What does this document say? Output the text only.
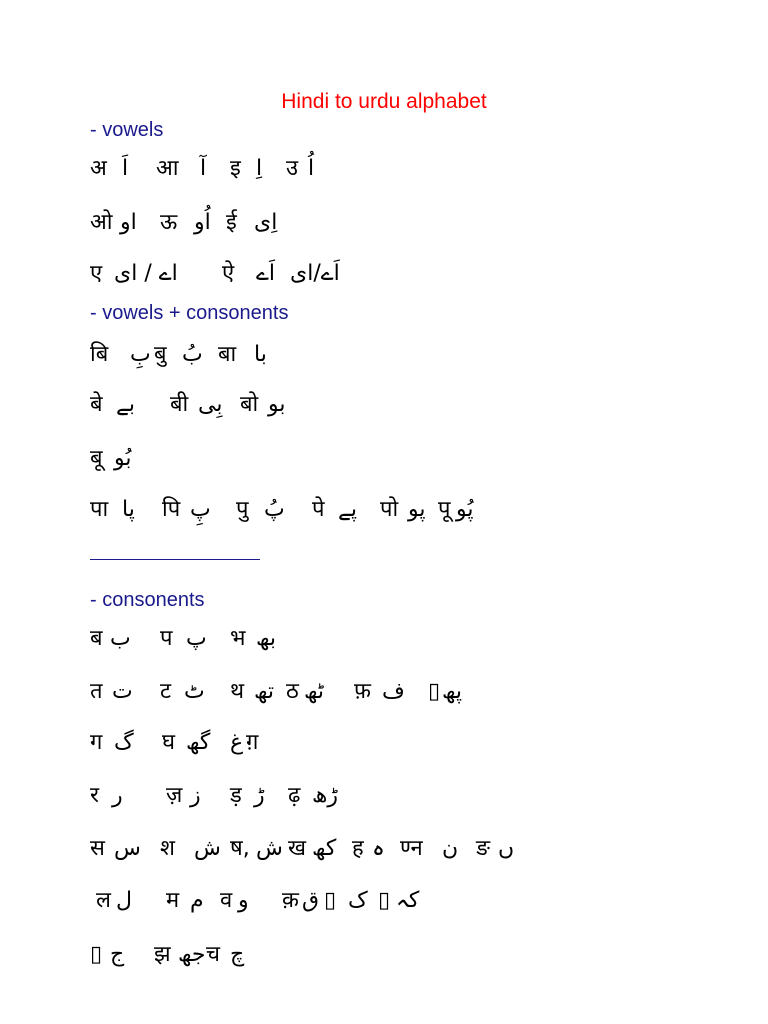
Hindi to urdu alphabet
- vowels
अ اَ आ آ इ اِ उ اُ
ओ او ऊ اُو ई اِی
ए اے / ای ऐ اَے اَے/ای
- vowels + consonents
बि بِ बु بُ बा با
बे بے बी بِی बो بو
बू بُو
पा پا पि پِ पु پُ पे پے पो پو पू پُو
- consonents
ब ب प پ भ بھ
त ت ट ٹ थ تھ ठ ٹھ फ़ ف ▯ پھ
ग گ घ گھ ग़
غ
र ر ज़ ز ड़ ڑ ढ़ ڑھ
स س श ش ष, ش ख کھ ह ہ ण्न ن ङ ں
ल ل म م व و क़ ق ▯ ک ▯ کہ
▯ ج झ جھ च چ
